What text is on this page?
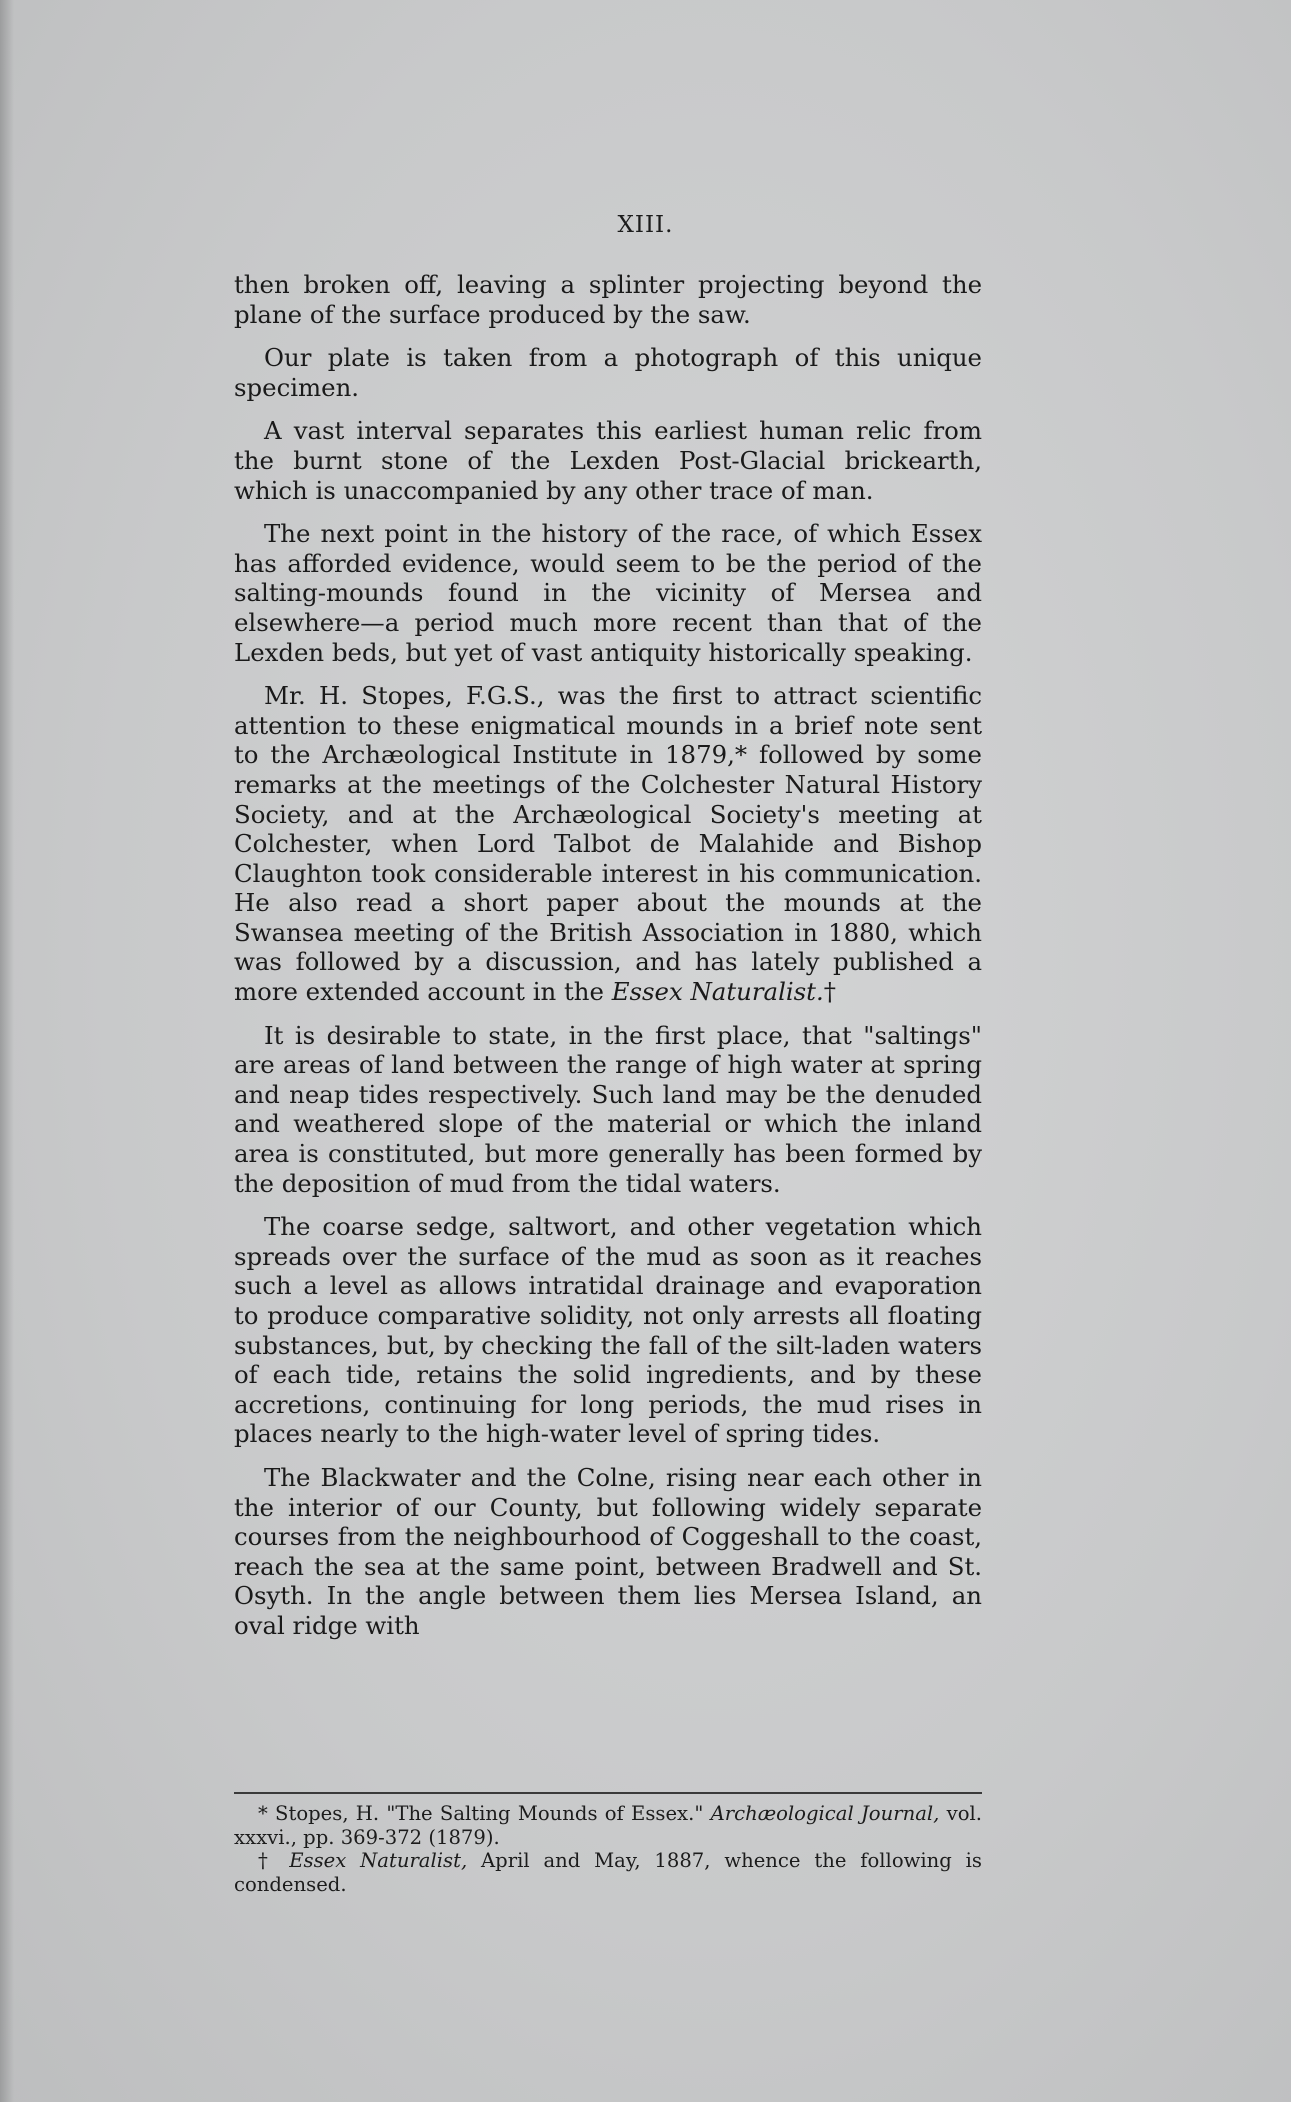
XIII.

then broken off, leaving a splinter projecting beyond the plane of the surface produced by the saw.

Our plate is taken from a photograph of this unique specimen.

A vast interval separates this earliest human relic from the burnt stone of the Lexden Post-Glacial brickearth, which is unaccompanied by any other trace of man.

The next point in the history of the race, of which Essex has afforded evidence, would seem to be the period of the salting-mounds found in the vicinity of Mersea and elsewhere—a period much more recent than that of the Lexden beds, but yet of vast antiquity historically speaking.

Mr. H. Stopes, F.G.S., was the first to attract scientific attention to these enigmatical mounds in a brief note sent to the Archæological Institute in 1879,* followed by some remarks at the meetings of the Colchester Natural History Society, and at the Archæological Society's meeting at Colchester, when Lord Talbot de Malahide and Bishop Claughton took considerable interest in his communication. He also read a short paper about the mounds at the Swansea meeting of the British Association in 1880, which was followed by a discussion, and has lately published a more extended account in the Essex Naturalist.†

It is desirable to state, in the first place, that "saltings" are areas of land between the range of high water at spring and neap tides respectively. Such land may be the denuded and weathered slope of the material or which the inland area is constituted, but more generally has been formed by the deposition of mud from the tidal waters.

The coarse sedge, saltwort, and other vegetation which spreads over the surface of the mud as soon as it reaches such a level as allows intratidal drainage and evaporation to produce comparative solidity, not only arrests all floating substances, but, by checking the fall of the silt-laden waters of each tide, retains the solid ingredients, and by these accretions, continuing for long periods, the mud rises in places nearly to the high-water level of spring tides.

The Blackwater and the Colne, rising near each other in the interior of our County, but following widely separate courses from the neighbourhood of Coggeshall to the coast, reach the sea at the same point, between Bradwell and St. Osyth. In the angle between them lies Mersea Island, an oval ridge with

* Stopes, H. "The Salting Mounds of Essex." Archæological Journal, vol. xxxvi., pp. 369-372 (1879).

† Essex Naturalist, April and May, 1887, whence the following is condensed.
